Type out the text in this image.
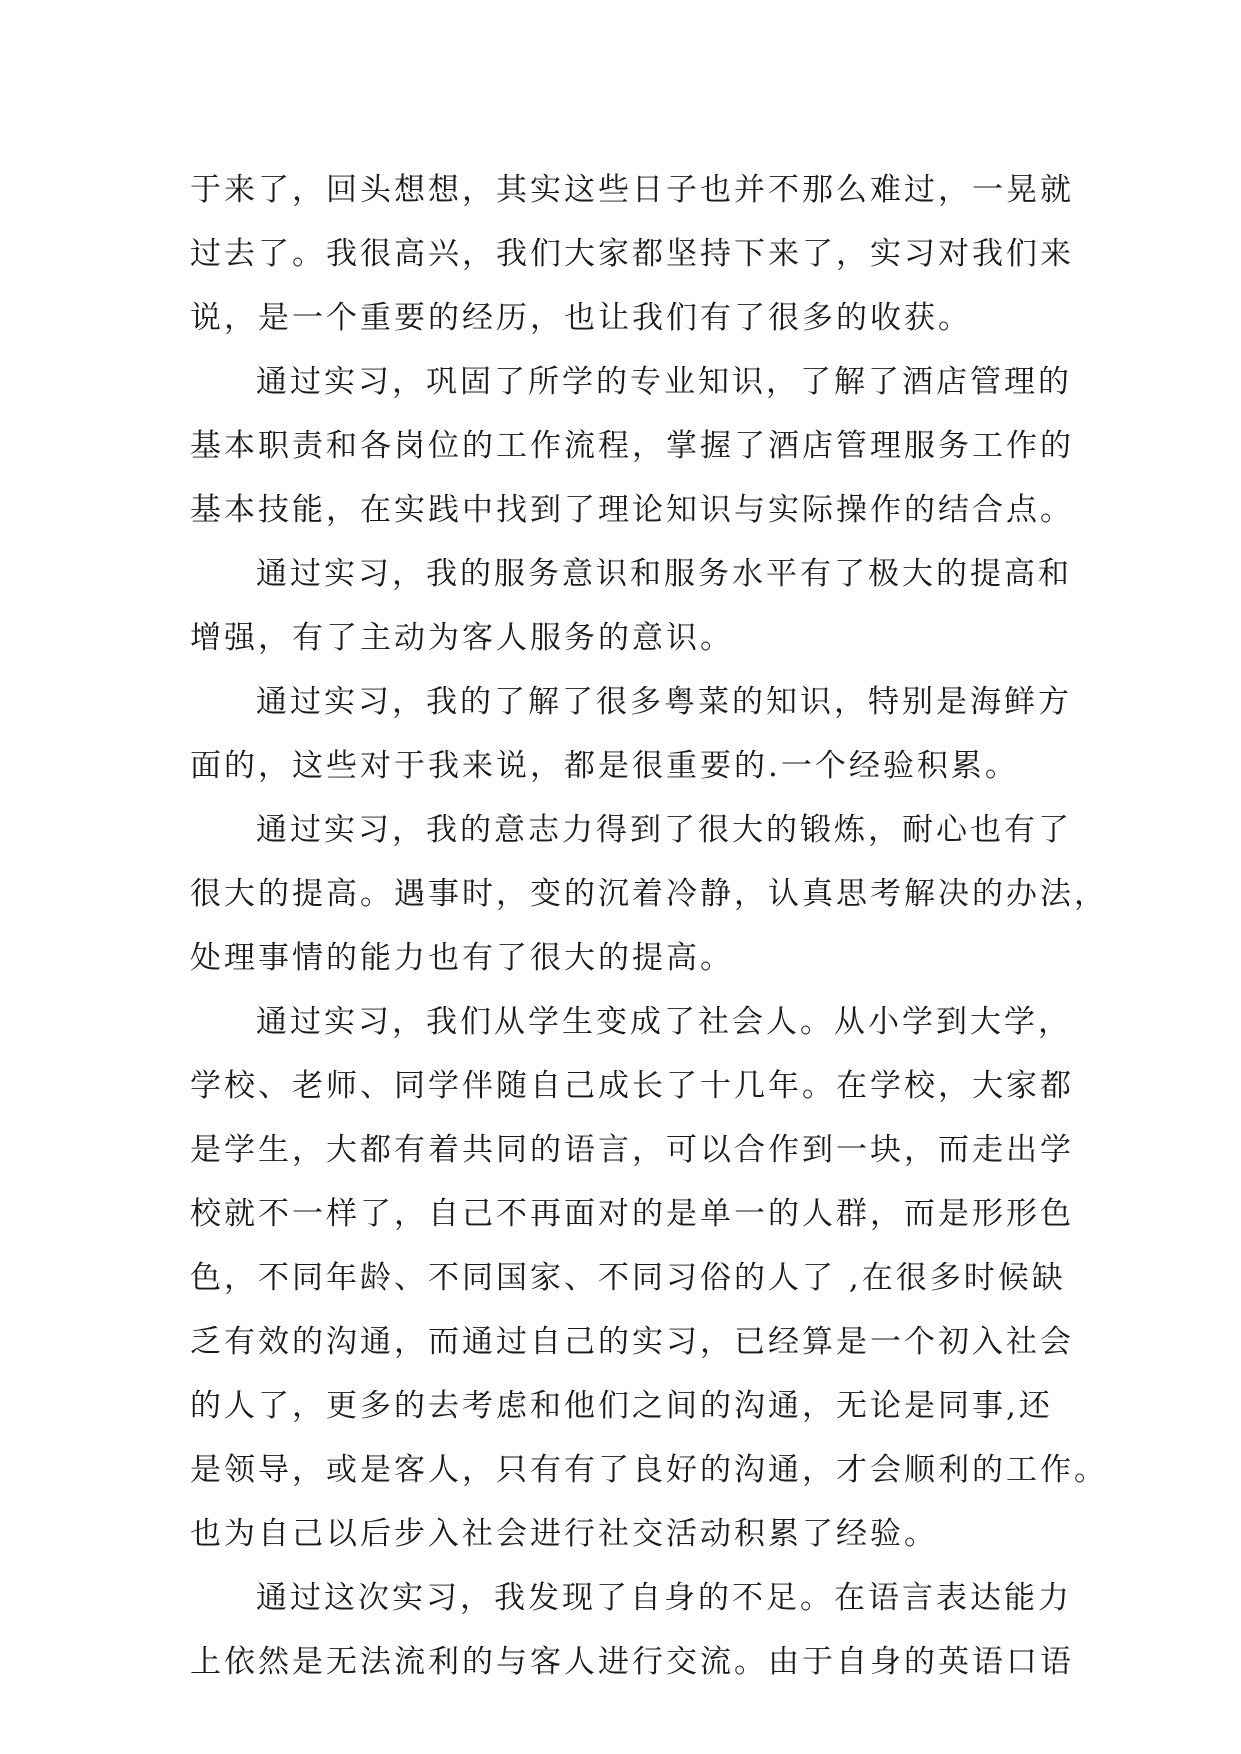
于来了，回头想想，其实这些日子也并不那么难过，一晃就
过去了。我很高兴，我们大家都坚持下来了，实习对我们来
说，是一个重要的经历，也让我们有了很多的收获。
通过实习，巩固了所学的专业知识，了解了酒店管理的
基本职责和各岗位的工作流程，掌握了酒店管理服务工作的
基本技能，在实践中找到了理论知识与实际操作的结合点。
通过实习，我的服务意识和服务水平有了极大的提高和
增强，有了主动为客人服务的意识。
通过实习，我的了解了很多粤菜的知识，特别是海鲜方
面的，这些对于我来说，都是很重要的.一个经验积累。
通过实习，我的意志力得到了很大的锻炼，耐心也有了
很大的提高。遇事时，变的沉着冷静，认真思考解决的办法，
处理事情的能力也有了很大的提高。
通过实习，我们从学生变成了社会人。从小学到大学，
学校、老师、同学伴随自己成长了十几年。在学校，大家都
是学生，大都有着共同的语言，可以合作到一块，而走出学
校就不一样了，自己不再面对的是单一的人群，而是形形色
色，不同年龄、不同国家、不同习俗的人了 ,在很多时候缺
乏有效的沟通，而通过自己的实习，已经算是一个初入社会
的人了，更多的去考虑和他们之间的沟通，无论是同事,还
是领导，或是客人，只有有了良好的沟通，才会顺利的工作。
也为自己以后步入社会进行社交活动积累了经验。
通过这次实习，我发现了自身的不足。在语言表达能力
上依然是无法流利的与客人进行交流。由于自身的英语口语
